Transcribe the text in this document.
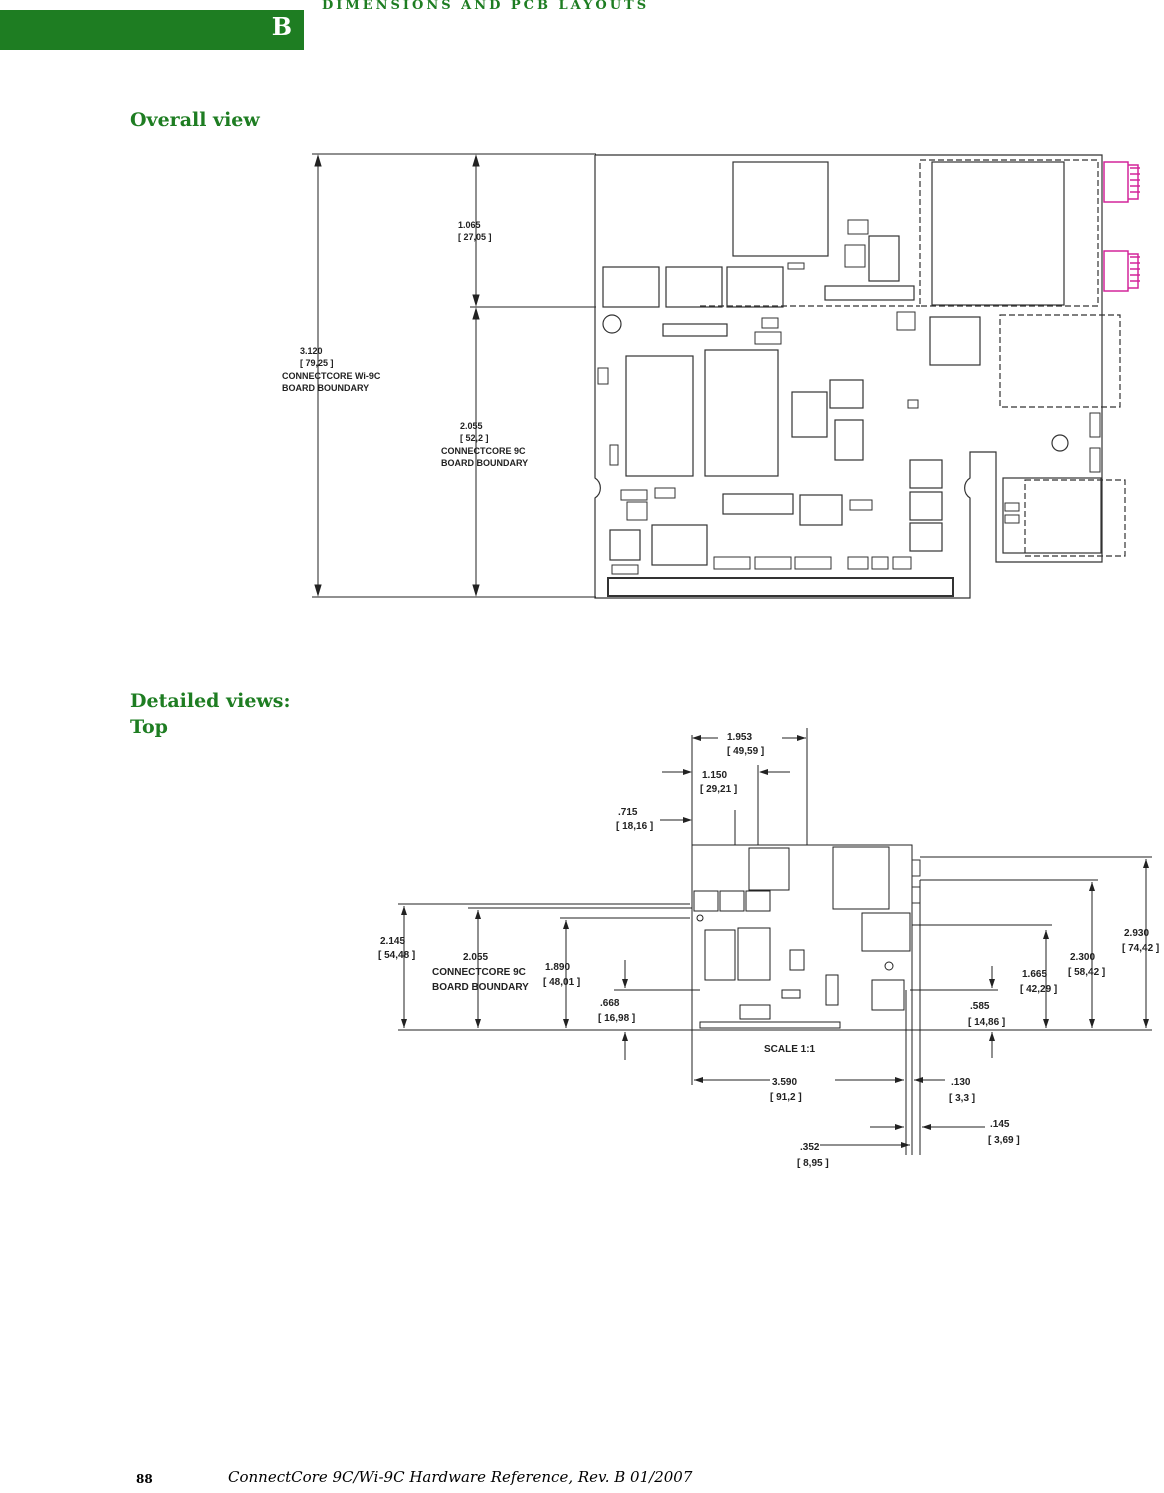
B
DIMENSIONS AND PCB LAYOUTS
Overall view
Detailed views:
Top
3.120
[ 79,25 ]
CONNECTCORE Wi-9C
BOARD BOUNDARY
1.065
[ 27,05 ]
2.055
[ 52,2 ]
CONNECTCORE 9C
BOARD BOUNDARY
1.953
[ 49,59 ]
1.150
[ 29,21 ]
.715
[ 18,16 ]
2.145
[ 54,48 ]	2.055
CONNECTCORE 9C
BOARD BOUNDARY
1.890
[ 48,01 ]
.668
[ 16,98 ]
2.930
[ 74,42 ]
2.300
[ 58,42 ]
1.665
[ 42,29 ]
.585
[ 14,86 ]
3.590
[ 91,2 ]
.130
[ 3,3 ]
.145
[ 3,69 ]
.352
[ 8,95 ]
SCALE 1:1
88	ConnectCore 9C/Wi-9C Hardware Reference, Rev. B 01/2007
